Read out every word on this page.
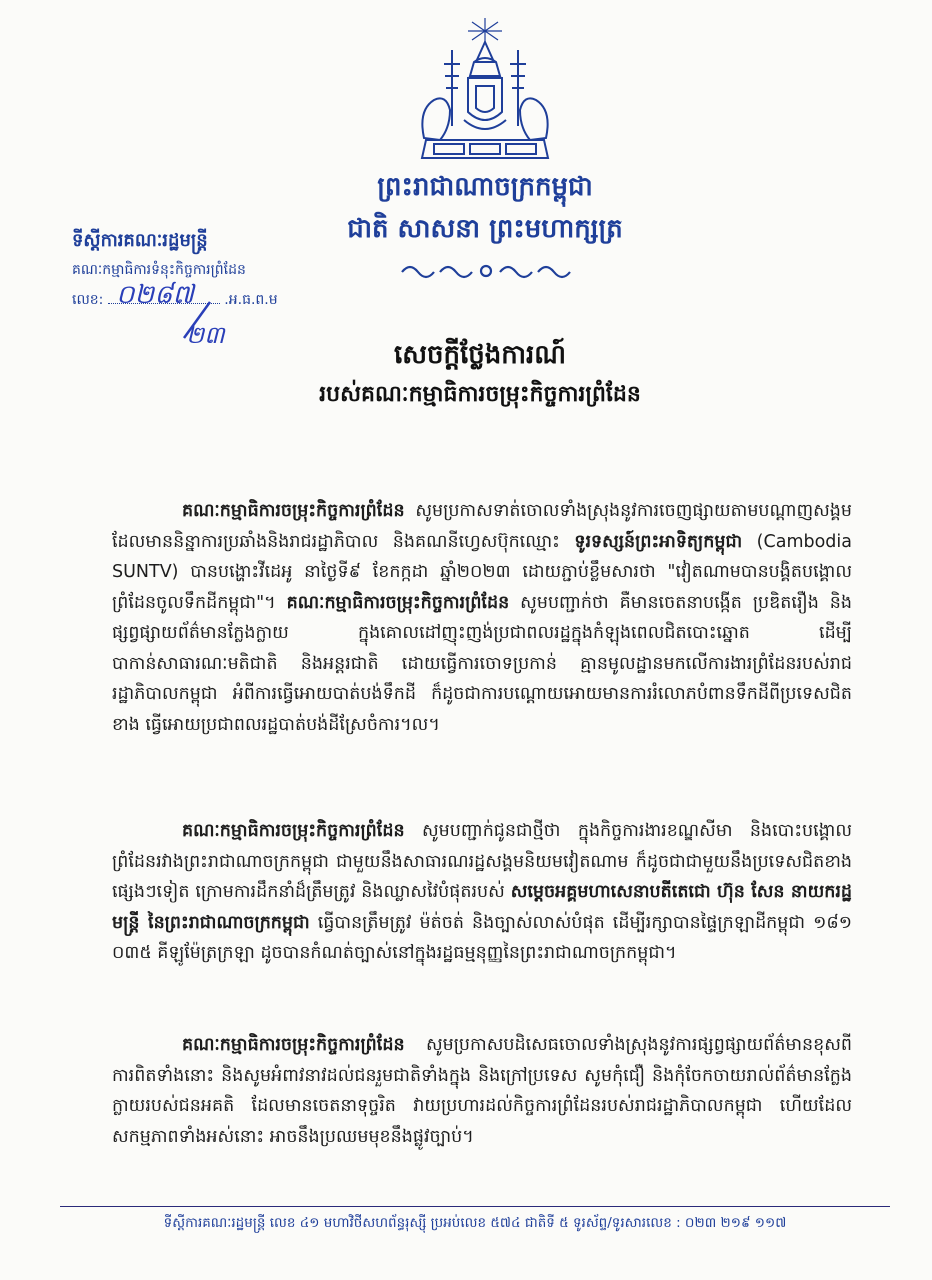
ព្រះរាជាណាចក្រកម្ពុជា
ជាតិ សាសនា ព្រះមហាក្សត្រ
ទីស្ដីការគណៈរដ្ឋមន្ត្រី
គណៈកម្មាធិការទំនុះកិច្ចការព្រំដែន
លេខ:	.អ.ធ.ព.ម
០២៨៧
២៣
សេចក្តីថ្លែងការណ៍
របស់គណៈកម្មាធិការចម្រុះកិច្ចការព្រំដែន

គណៈកម្មាធិការចម្រុះកិច្ចការព្រំដែន សូមប្រកាសទាត់ចោលទាំងស្រុងនូវការចេញផ្សាយតាមបណ្ដាញសង្គមដែលមាននិន្នាការប្រឆាំងនិងរាជរដ្ឋាភិបាល និងគណនីហ្វេសប៊ុកឈ្មោះ ទូរទស្សន៍ព្រះអាទិត្យកម្ពុជា (Cambodia SUNTV) បានបង្ហោះវីដេអូ នាថ្ងៃទី៩ ខែកក្កដា ឆ្នាំ២០២៣ ដោយភ្ជាប់ខ្លឹមសារថា "វៀតណាមបានបង្គិតបង្គោលព្រំដែនចូលទឹកដីកម្ពុជា"។ គណៈកម្មាធិការចម្រុះកិច្ចការព្រំដែន សូមបញ្ជាក់ថា គឺមានចេតនាបង្កើត ប្រឌិតរឿង និងផ្សព្វផ្សាយព័ត៌មានក្លែងក្លាយ ក្នុងគោលដៅញុះញង់ប្រជាពលរដ្ឋក្នុងកំឡុងពេលជិតបោះឆ្នោត ដើម្បីបាកាន់សាធារណៈមតិជាតិ និងអន្តរជាតិ ដោយធ្វើការចោទប្រកាន់ គ្មានមូលដ្ឋានមកលើការងារព្រំដែនរបស់រាជរដ្ឋាភិបាលកម្ពុជា អំពីការធ្វើអោយបាត់បង់ទឹកដី ក៏ដូចជាការបណ្ដោយអោយមានការរំលោភបំពានទឹកដីពីប្រទេសជិតខាង ធ្វើអោយប្រជាពលរដ្ឋបាត់បង់ដីស្រែចំការ។ល។

គណៈកម្មាធិការចម្រុះកិច្ចការព្រំដែន សូមបញ្ជាក់ជូនជាថ្មីថា ក្នុងកិច្ចការងារខណ្ឌសីមា និងបោះបង្គោលព្រំដែនរវាងព្រះរាជាណាចក្រកម្ពុជា ជាមួយនឹងសាធារណរដ្ឋសង្គមនិយមវៀតណាម ក៏ដូចជាជាមួយនឹងប្រទេសជិតខាងផ្សេងៗទៀត ក្រោមការដឹកនាំដ៏ត្រឹមត្រូវ និងឈ្លាសវៃបំផុតរបស់ សម្ដេចអគ្គមហាសេនាបតីតេជោ ហ៊ុន សែន នាយករដ្ឋមន្ត្រី នៃព្រះរាជាណាចក្រកម្ពុជា ធ្វើបានត្រឹមត្រូវ ម៉ត់ចត់ និងច្បាស់លាស់បំផុត ដើម្បីរក្សាបានផ្ទៃក្រឡាដីកម្ពុជា ១៨១ ០៣៥ គីឡូម៉ែត្រក្រឡា ដូចបានកំណត់ច្បាស់នៅក្នុងរដ្ឋធម្មនុញ្ញនៃព្រះរាជាណាចក្រកម្ពុជា។

គណៈកម្មាធិការចម្រុះកិច្ចការព្រំដែន សូមប្រកាសបដិសេធចោលទាំងស្រុងនូវការផ្សព្វផ្សាយព័ត៌មានខុសពីការពិតទាំងនោះ និងសូមអំពាវនាវដល់ជនរួមជាតិទាំងក្នុង និងក្រៅប្រទេស សូមកុំជឿ និងកុំចែកចាយរាល់ព័ត៌មានក្លែងក្លាយរបស់ជនអគតិ ដែលមានចេតនាទុច្ចរិត វាយប្រហារដល់កិច្ចការព្រំដែនរបស់រាជរដ្ឋាភិបាលកម្ពុជា ហើយដែលសកម្មភាពទាំងអស់នោះ អាចនឹងប្រឈមមុខនឹងផ្លូវច្បាប់។

ទីស្ដីការគណៈរដ្ឋមន្ត្រី លេខ ៤១ មហាវិថីសហព័ន្ធរុស្ស៊ី ប្រអប់លេខ ៥៧៤ ជាតិទី ៥ ទូរស័ព្ទ/ទូរសារលេខ : ០២៣ ២១៩ ១១៧
